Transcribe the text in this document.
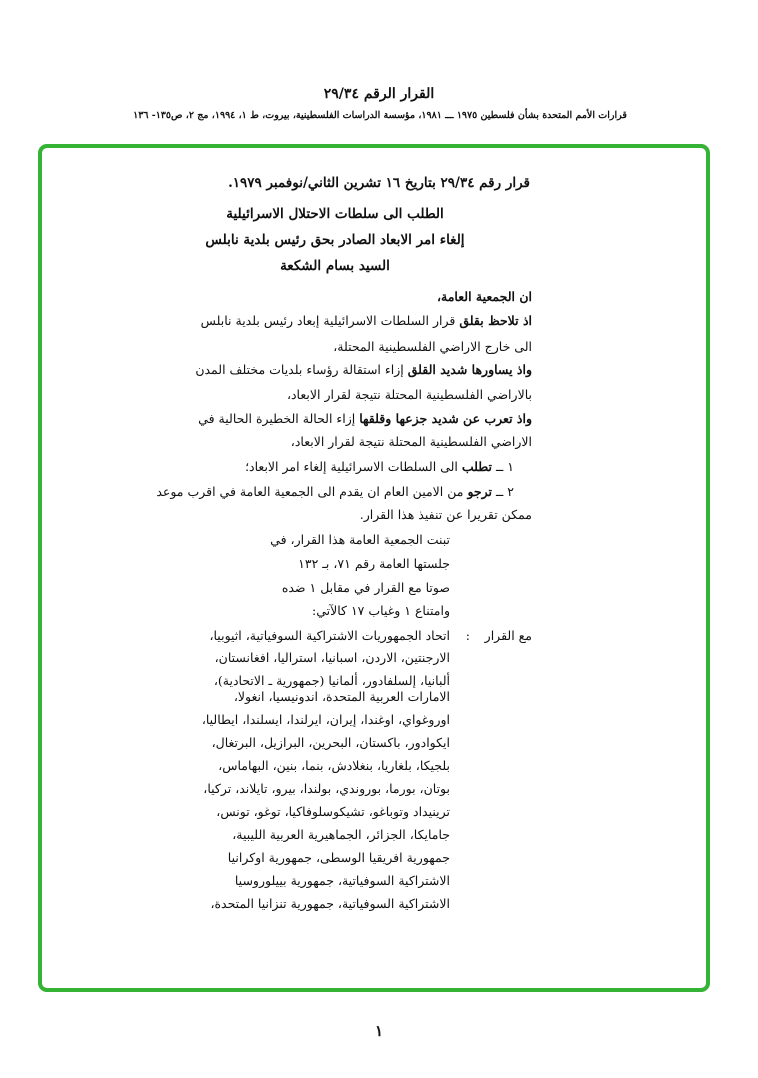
القرار الرقم ٢٩/٣٤
قرارات الأمم المتحدة بشأن فلسطين ١٩٧٥ ـــ ١٩٨١، مؤسسة الدراسات الفلسطينية، بيروت، ط ١، ١٩٩٤، مج ٢، ص١٣٥- ١٣٦
قرار رقم ٢٩/٣٤ بتاريخ ١٦ تشرين الثاني/نوفمبر ١٩٧٩.
الطلب الى سلطات الاحتلال الاسرائيلية
إلغاء امر الابعاد الصادر بحق رئيس بلدية نابلس
السيد بسام الشكعة
ان الجمعية العامة،
اذ تلاحظ بقلق قرار السلطات الاسرائيلية إبعاد رئيس بلدية نابلس
الى خارج الاراضي الفلسطينية المحتلة،
واذ يساورها شديد القلق إزاء استقالة رؤساء بلديات مختلف المدن
بالاراضي الفلسطينية المحتلة نتيجة لقرار الابعاد،
واذ تعرب عن شديد جزعها وقلقها إزاء الحالة الخطيرة الحالية في
الاراضي الفلسطينية المحتلة نتيجة لقرار الابعاد،
١ ــ تطلب الى السلطات الاسرائيلية إلغاء امر الابعاد؛
٢ ــ ترجو من الامين العام ان يقدم الى الجمعية العامة في اقرب موعد
ممكن تقريرا عن تنفيذ هذا القرار.
تبنت الجمعية العامة هذا القرار، في
جلستها العامة رقم ٧١، بـ ١٣٢
صوتا مع القرار في مقابل ١ ضده
وامتناع ١ وغياب ١٧ كالآتي:
مع القرار
:
اتحاد الجمهوريات الاشتراكية السوفياتية، اثيوبيا،
الارجنتين، الاردن، اسبانيا، استراليا، افغانستان،
ألبانيا، إلسلفادور، ألمانيا (جمهورية ـ الاتحادية)،
الامارات العربية المتحدة، اندونيسيا، انغولا،
اوروغواي، اوغندا، إيران، ايرلندا، ايسلندا، ايطاليا،
ايكوادور، باكستان، البحرين، البرازيل، البرتغال،
بلجيكا، بلغاريا، بنغلادش، بنما، بنين، البهاماس،
بوتان، بورما، بوروندي، بولندا، بيرو، تايلاند، تركيا،
ترينيداد وتوباغو، تشيكوسلوفاكيا، توغو، تونس،
جامايكا، الجزائر، الجماهيرية العربية الليبية،
جمهورية افريقيا الوسطى، جمهورية اوكرانيا
الاشتراكية السوفياتية، جمهورية بييلوروسيا
الاشتراكية السوفياتية، جمهورية تنزانيا المتحدة،
١
